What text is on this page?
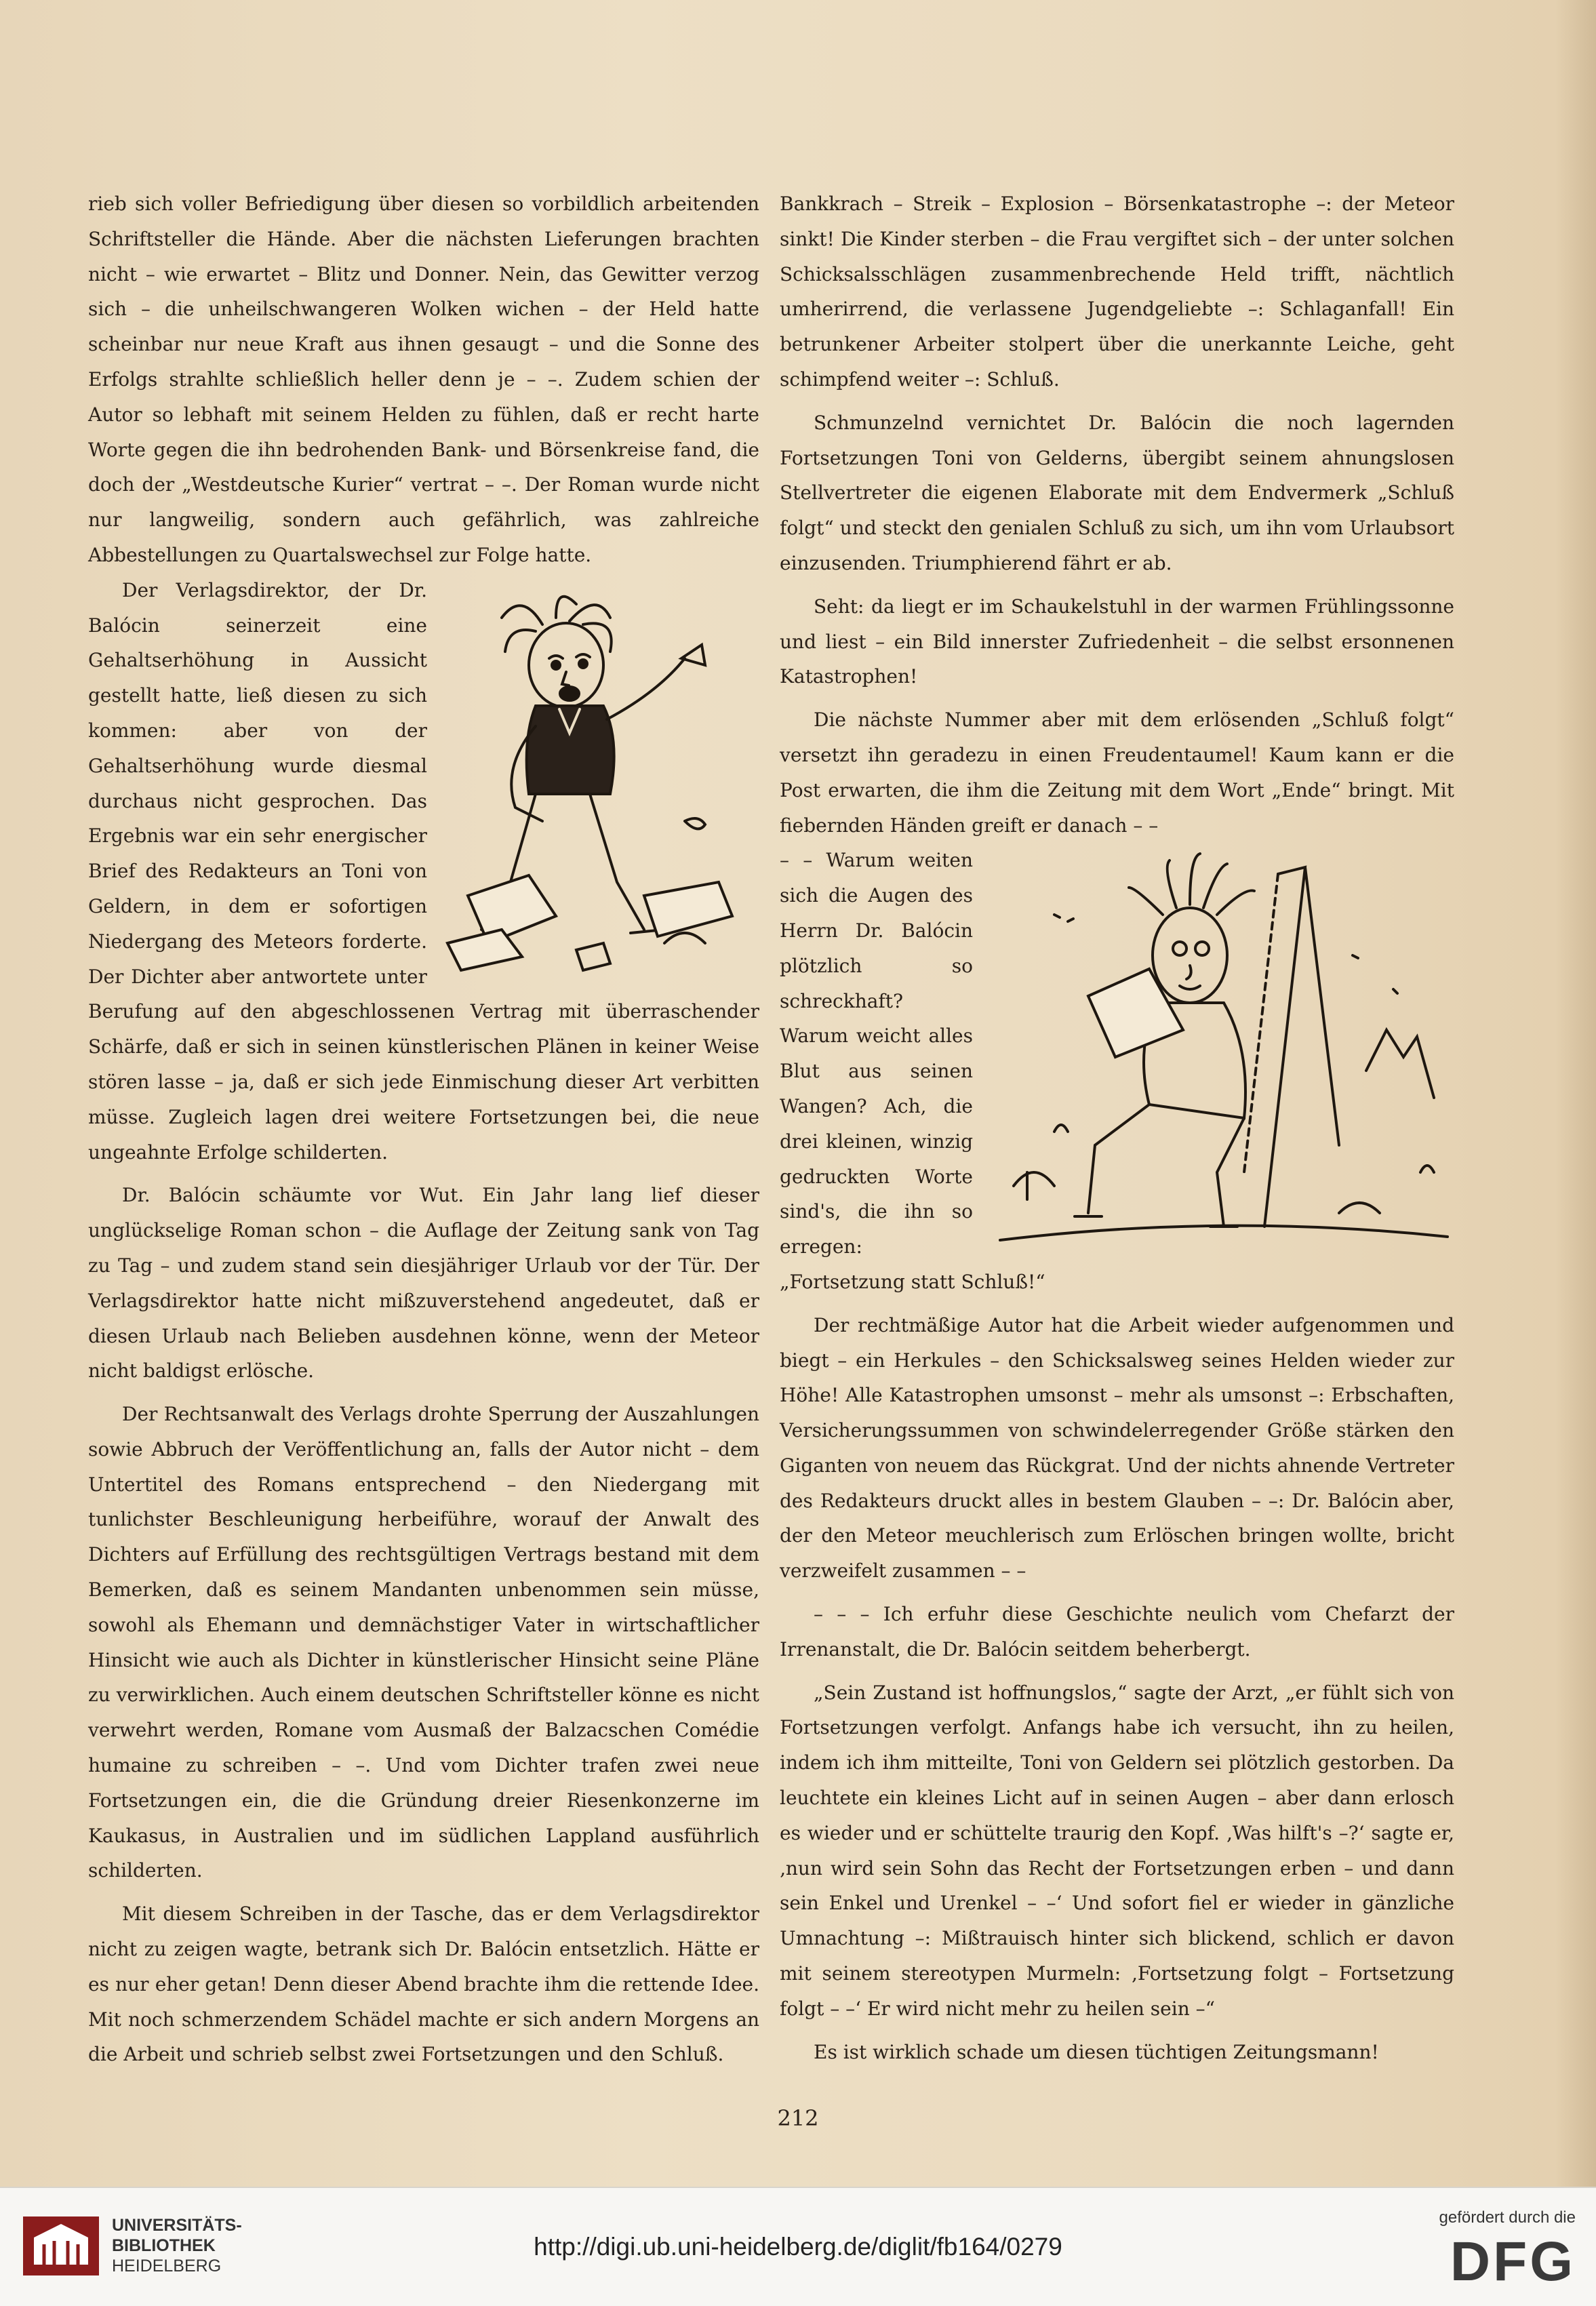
rieb sich voller Befriedigung über diesen so vorbildlich arbeitenden Schriftsteller die Hände. Aber die nächsten Lieferungen brachten nicht – wie erwartet – Blitz und Donner. Nein, das Gewitter verzog sich – die unheilschwangeren Wolken wichen – der Held hatte scheinbar nur neue Kraft aus ihnen gesaugt – und die Sonne des Erfolgs strahlte schließlich heller denn je – –. Zudem schien der Autor so lebhaft mit seinem Helden zu fühlen, daß er recht harte Worte gegen die ihn bedrohenden Bank- und Börsenkreise fand, die doch der „Westdeutsche Kurier“ vertrat – –. Der Roman wurde nicht nur langweilig, sondern auch gefährlich, was zahlreiche Abbestellungen zu Quartalswechsel zur Folge hatte.

Der Verlagsdirektor, der Dr. Balócin seinerzeit eine Gehaltserhöhung in Aussicht gestellt hatte, ließ diesen zu sich kommen: aber von der Gehaltserhöhung wurde diesmal durchaus nicht gesprochen. Das Ergebnis war ein sehr energischer Brief des Redakteurs an Toni von Geldern, in dem er sofortigen Niedergang des Meteors forderte. Der Dichter aber antwortete unter Berufung auf den abgeschlossenen Vertrag mit überraschender Schärfe, daß er sich in seinen künstlerischen Plänen in keiner Weise stören lasse – ja, daß er sich jede Einmischung dieser Art verbitten müsse. Zugleich lagen drei weitere Fortsetzungen bei, die neue ungeahnte Erfolge schilderten.

Dr. Balócin schäumte vor Wut. Ein Jahr lang lief dieser unglückselige Roman schon – die Auflage der Zeitung sank von Tag zu Tag – und zudem stand sein diesjähriger Urlaub vor der Tür. Der Verlagsdirektor hatte nicht mißzuverstehend angedeutet, daß er diesen Urlaub nach Belieben ausdehnen könne, wenn der Meteor nicht baldigst erlösche.

Der Rechtsanwalt des Verlags drohte Sperrung der Auszahlungen sowie Abbruch der Veröffentlichung an, falls der Autor nicht – dem Untertitel des Romans entsprechend – den Niedergang mit tunlichster Beschleunigung herbeiführe, worauf der Anwalt des Dichters auf Erfüllung des rechtsgültigen Vertrags bestand mit dem Bemerken, daß es seinem Mandanten unbenommen sein müsse, sowohl als Ehemann und demnächstiger Vater in wirtschaftlicher Hinsicht wie auch als Dichter in künstlerischer Hinsicht seine Pläne zu verwirklichen. Auch einem deutschen Schriftsteller könne es nicht verwehrt werden, Romane vom Ausmaß der Balzacschen Comédie humaine zu schreiben – –. Und vom Dichter trafen zwei neue Fortsetzungen ein, die die Gründung dreier Riesenkonzerne im Kaukasus, in Australien und im südlichen Lappland ausführlich schilderten.

Mit diesem Schreiben in der Tasche, das er dem Verlagsdirektor nicht zu zeigen wagte, betrank sich Dr. Balócin entsetzlich. Hätte er es nur eher getan! Denn dieser Abend brachte ihm die rettende Idee. Mit noch schmerzendem Schädel machte er sich andern Morgens an die Arbeit und schrieb selbst zwei Fortsetzungen und den Schluß.

Bankkrach – Streik – Explosion – Börsenkatastrophe –: der Meteor sinkt! Die Kinder sterben – die Frau vergiftet sich – der unter solchen Schicksalsschlägen zusammenbrechende Held trifft, nächtlich umherirrend, die verlassene Jugendgeliebte –: Schlaganfall! Ein betrunkener Arbeiter stolpert über die unerkannte Leiche, geht schimpfend weiter –: Schluß.

Schmunzelnd vernichtet Dr. Balócin die noch lagernden Fortsetzungen Toni von Gelderns, übergibt seinem ahnungslosen Stellvertreter die eigenen Elaborate mit dem Endvermerk „Schluß folgt“ und steckt den genialen Schluß zu sich, um ihn vom Urlaubsort einzusenden. Triumphierend fährt er ab.

Seht: da liegt er im Schaukelstuhl in der warmen Frühlingssonne und liest – ein Bild innerster Zufriedenheit – die selbst ersonnenen Katastrophen!

Die nächste Nummer aber mit dem erlösenden „Schluß folgt“ versetzt ihn geradezu in einen Freudentaumel! Kaum kann er die Post erwarten, die ihm die Zeitung mit dem Wort „Ende“ bringt. Mit fiebernden Händen greift er danach – –

– – Warum weiten sich die Augen des Herrn Dr. Balócin plötzlich so schreckhaft? Warum weicht alles Blut aus seinen Wangen? Ach, die drei kleinen, winzig gedruckten Worte sind's, die ihn so erregen: „Fortsetzung statt Schluß!“

Der rechtmäßige Autor hat die Arbeit wieder aufgenommen und biegt – ein Herkules – den Schicksalsweg seines Helden wieder zur Höhe! Alle Katastrophen umsonst – mehr als umsonst –: Erbschaften, Versicherungssummen von schwindelerregender Größe stärken den Giganten von neuem das Rückgrat. Und der nichts ahnende Vertreter des Redakteurs druckt alles in bestem Glauben – –: Dr. Balócin aber, der den Meteor meuchlerisch zum Erlöschen bringen wollte, bricht verzweifelt zusammen – –

– – – Ich erfuhr diese Geschichte neulich vom Chefarzt der Irrenanstalt, die Dr. Balócin seitdem beherbergt.

„Sein Zustand ist hoffnungslos,“ sagte der Arzt, „er fühlt sich von Fortsetzungen verfolgt. Anfangs habe ich versucht, ihn zu heilen, indem ich ihm mitteilte, Toni von Geldern sei plötzlich gestorben. Da leuchtete ein kleines Licht auf in seinen Augen – aber dann erlosch es wieder und er schüttelte traurig den Kopf. ‚Was hilft's –?‘ sagte er, ‚nun wird sein Sohn das Recht der Fortsetzungen erben – und dann sein Enkel und Urenkel – –‘ Und sofort fiel er wieder in gänzliche Umnachtung –: Mißtrauisch hinter sich blickend, schlich er davon mit seinem stereotypen Murmeln: ‚Fortsetzung folgt – Fortsetzung folgt – –‘ Er wird nicht mehr zu heilen sein –“

Es ist wirklich schade um diesen tüchtigen Zeitungsmann!

212
UNIVERSITÄTS-
BIBLIOTHEK
HEIDELBERG
http://digi.ub.uni-heidelberg.de/diglit/fb164/0279
gefördert durch die
DFG
